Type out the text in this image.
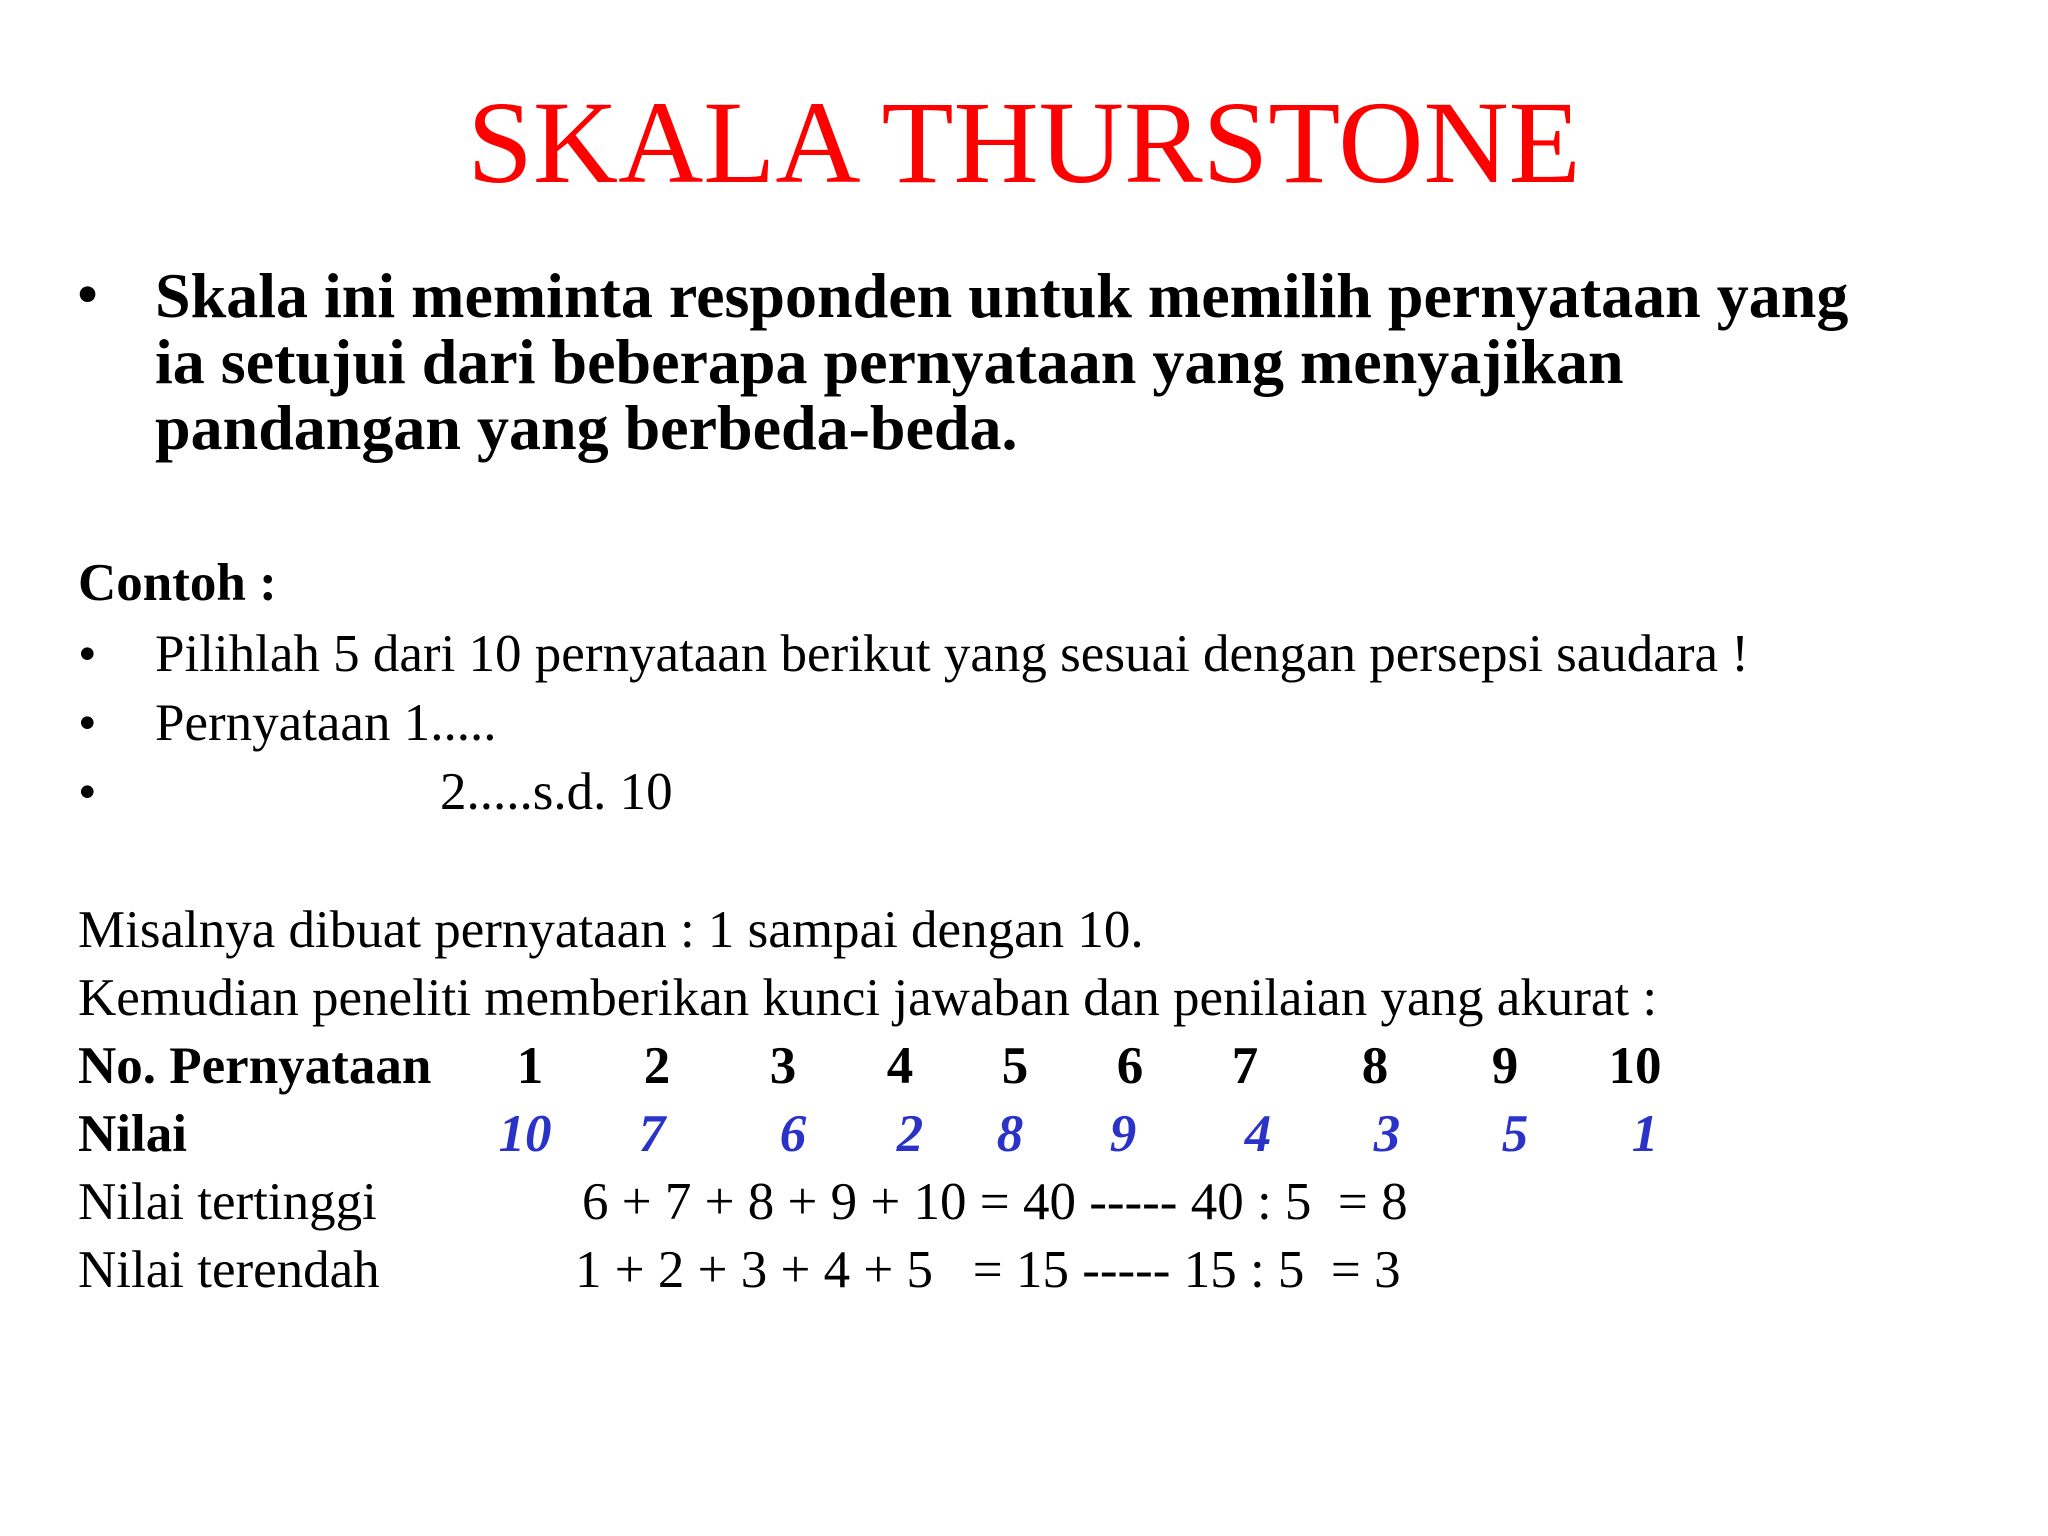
SKALA THURSTONE
• Skala ini meminta responden untuk memilih pernyataan yang
ia setujui dari beberapa pernyataan yang menyajikan
pandangan yang berbeda-beda.
Contoh :
• Pilihlah 5 dari 10 pernyataan berikut yang sesuai dengan persepsi saudara !
• Pernyataan 1.....
•	2.....s.d. 10
Misalnya dibuat pernyataan : 1 sampai dengan 10.
Kemudian peneliti memberikan kunci jawaban dan penilaian yang akurat :
No. Pernyataan	1	2	3	4	5	6	7	8	9	10
Nilai	10	7	6	2	8	9	4	3	5	1
Nilai tertinggi	6 + 7 + 8 + 9 + 10 = 40 ----- 40 : 5  = 8
Nilai terendah	1 + 2 + 3 + 4 + 5   = 15 ----- 15 : 5  = 3
